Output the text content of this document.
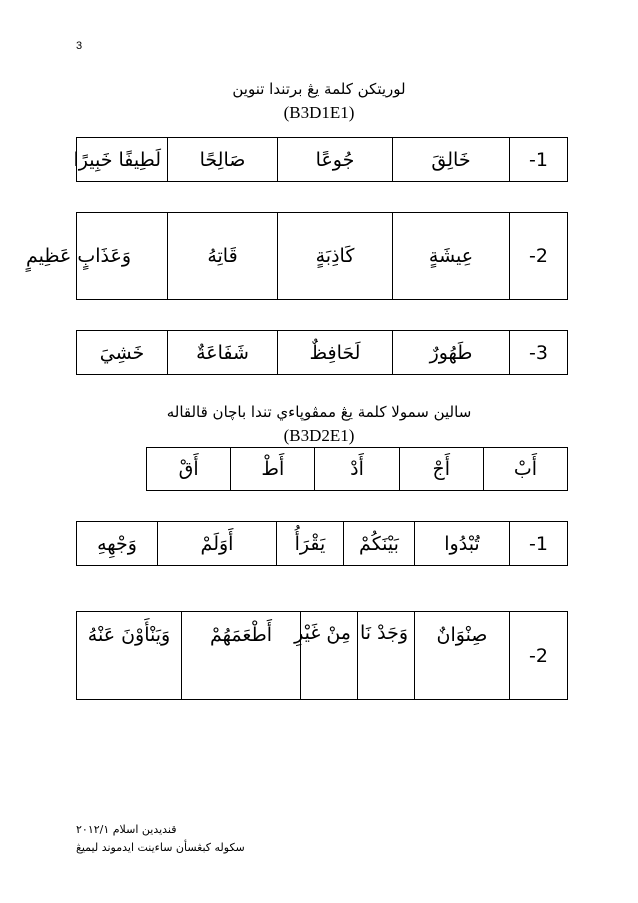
3
لوريتكن كلمة يڠ برتندا تنوين
(B3D1E1)
-1	خَالِقَ	جُوعًا	صَالِحًا	لَطِيفًا خَبِيرًا
-2	عِيشَةٍ	كَاذِبَةٍ	قَاتِهُ	وَعَذَابٍ عَظِيمٍ
-3	طَهُورٌ	لَحَافِظٌ	شَفَاعَةٌ	خَشِيَ
سالين سمولا كلمة يڠ ممڤوڽاءي تندا باچان قالقاله
(B3D2E1)
أَبْ	أَجْ	أَدْ	أَطْ	أَقْ
-1	تُبْدُوا	بَيْنَكُمْ	يَقْرَأُ	أَوَلَمْ	وَجْهِهِ
-2	صِنْوَانٌ	وَجَدْ نَا	مِنْ غَيْرِ	أَطْعَمَهُمْ	وَيَنْأَوْنَ عَنْهُ
قنديدين اسلام ٢٠١٢/١
سكوله كبڠسأن ساءينت ايدموند ليميڠ
